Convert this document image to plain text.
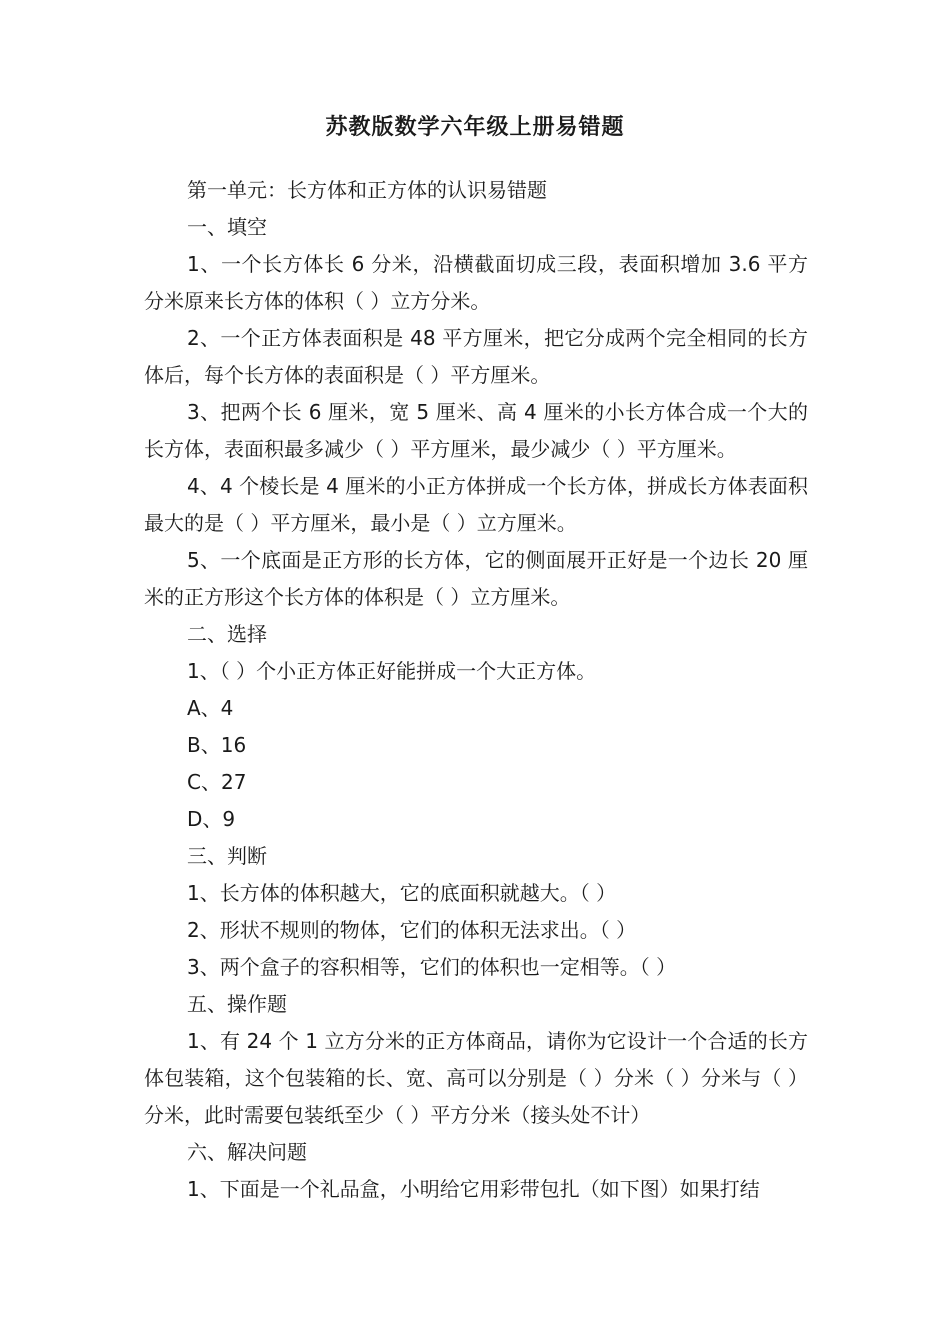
苏教版数学六年级上册易错题

第一单元：长方体和正方体的认识易错题

一、填空

1、一个长方体长 6 分米，沿横截面切成三段，表面积增加 3.6 平方分米原来长方体的体积（ ）立方分米。

2、一个正方体表面积是 48 平方厘米，把它分成两个完全相同的长方体后，每个长方体的表面积是（ ）平方厘米。

3、把两个长 6 厘米，宽 5 厘米、高 4 厘米的小长方体合成一个大的长方体，表面积最多减少（ ）平方厘米，最少减少（ ）平方厘米。

4、4 个棱长是 4 厘米的小正方体拼成一个长方体，拼成长方体表面积最大的是（ ）平方厘米，最小是（ ）立方厘米。

5、一个底面是正方形的长方体，它的侧面展开正好是一个边长 20 厘米的正方形这个长方体的体积是（ ）立方厘米。

二、选择

1、（ ）个小正方体正好能拼成一个大正方体。

A、4

B、16

C、27

D、9

三、判断

1、长方体的体积越大，它的底面积就越大。（ ）

2、形状不规则的物体，它们的体积无法求出。（ ）

3、两个盒子的容积相等，它们的体积也一定相等。（ ）

五、操作题

1、有 24 个 1 立方分米的正方体商品，请你为它设计一个合适的长方体包装箱，这个包装箱的长、宽、高可以分别是（ ）分米（ ）分米与（ ）分米，此时需要包装纸至少（ ）平方分米（接头处不计）

六、解决问题

1、下面是一个礼品盒，小明给它用彩带包扎（如下图）如果打结
